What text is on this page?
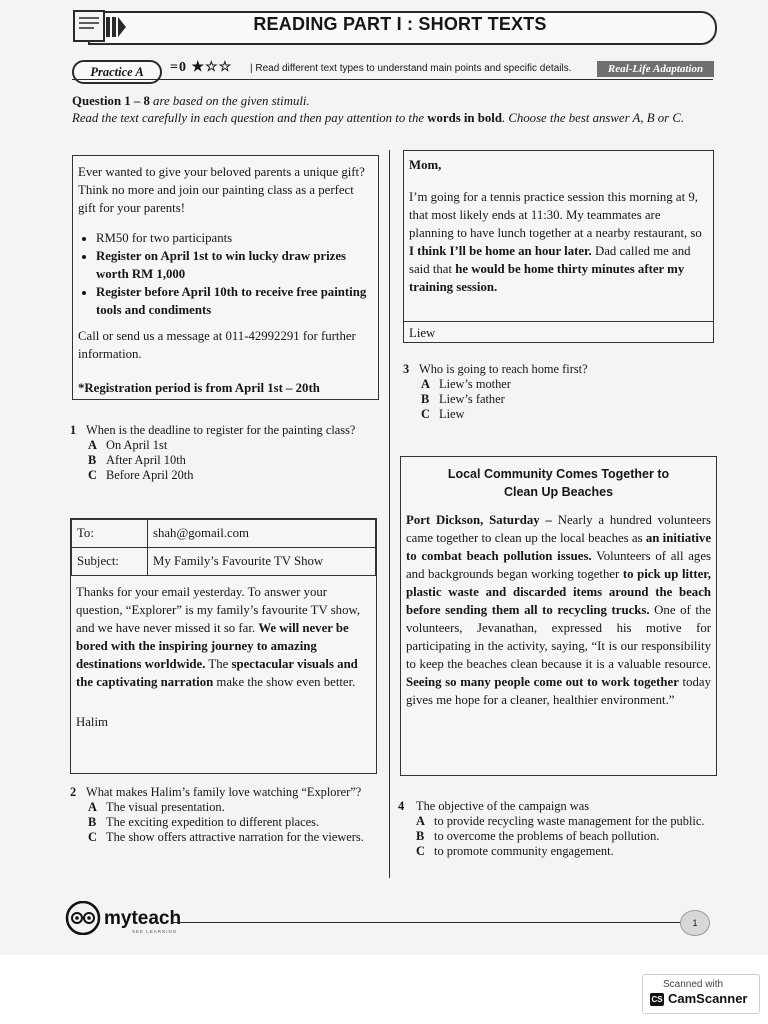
READING PART I : SHORT TEXTS
Practice A	=0 ★☆☆ | Read different text types to understand main points and specific details.	Real-Life Adaptation
Question 1 – 8 are based on the given stimuli.
Read the text carefully in each question and then pay attention to the words in bold. Choose the best answer A, B or C.

Ever wanted to give your beloved parents a unique gift? Think no more and join our painting class as a perfect gift for your parents!

• RM50 for two participants
• Register on April 1st to win lucky draw prizes worth RM 1,000
• Register before April 10th to receive free painting tools and condiments

Call or send us a message at 011-42992291 for further information.

*Registration period is from April 1st – 20th

1 When is the deadline to register for the painting class?
A On April 1st
B After April 10th
C Before April 20th
To:	shah@gomail.com
Subject:	My Family’s Favourite TV Show
Thanks for your email yesterday. To answer your question, “Explorer” is my family’s favourite TV show, and we have never missed it so far. We will never be bored with the inspiring journey to amazing destinations worldwide. The spectacular visuals and the captivating narration make the show even better.

Halim

2 What makes Halim’s family love watching “Explorer”?
A The visual presentation.
B The exciting expedition to different places.
C The show offers attractive narration for the viewers.

Mom,

I’m going for a tennis practice session this morning at 9, that most likely ends at 11:30. My teammates are planning to have lunch together at a nearby restaurant, so I think I’ll be home an hour later. Dad called me and said that he would be home thirty minutes after my training session.

Liew

3 Who is going to reach home first?
A Liew’s mother
B Liew’s father
C Liew
Local Community Comes Together to
Clean Up Beaches

Port Dickson, Saturday – Nearly a hundred volunteers came together to clean up the local beaches as an initiative to combat beach pollution issues. Volunteers of all ages and backgrounds began working together to pick up litter, plastic waste and discarded items around the beach before sending them all to recycling trucks. One of the volunteers, Jevanathan, expressed his motive for participating in the activity, saying, “It is our responsibility to keep the beaches clean because it is a valuable resource. Seeing so many people come out to work together today gives me hope for a cleaner, healthier environment.”

4 The objective of the campaign was
A to provide recycling waste management for the public.
B to overcome the problems of beach pollution.
C to promote community engagement.
myteach
SEE LEARNING
1
Scanned with
CS CamScanner
